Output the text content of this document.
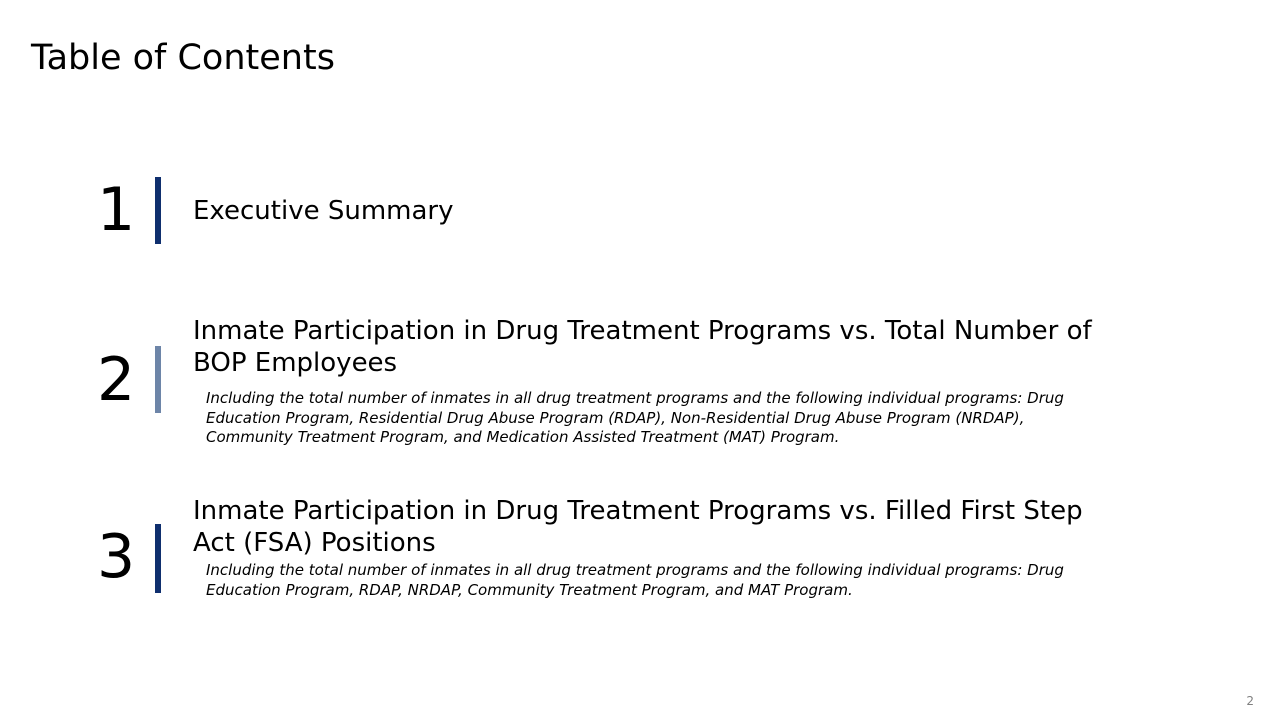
Table of Contents
1 Executive Summary
2
Inmate Participation in Drug Treatment Programs vs. Total Number of BOP Employees
Including the total number of inmates in all drug treatment programs and the following individual programs: Drug Education Program, Residential Drug Abuse Program (RDAP), Non-Residential Drug Abuse Program (NRDAP), Community Treatment Program, and Medication Assisted Treatment (MAT) Program.
3
Inmate Participation in Drug Treatment Programs vs. Filled First Step Act (FSA) Positions
Including the total number of inmates in all drug treatment programs and the following individual programs: Drug Education Program, RDAP, NRDAP, Community Treatment Program, and MAT Program.
2
